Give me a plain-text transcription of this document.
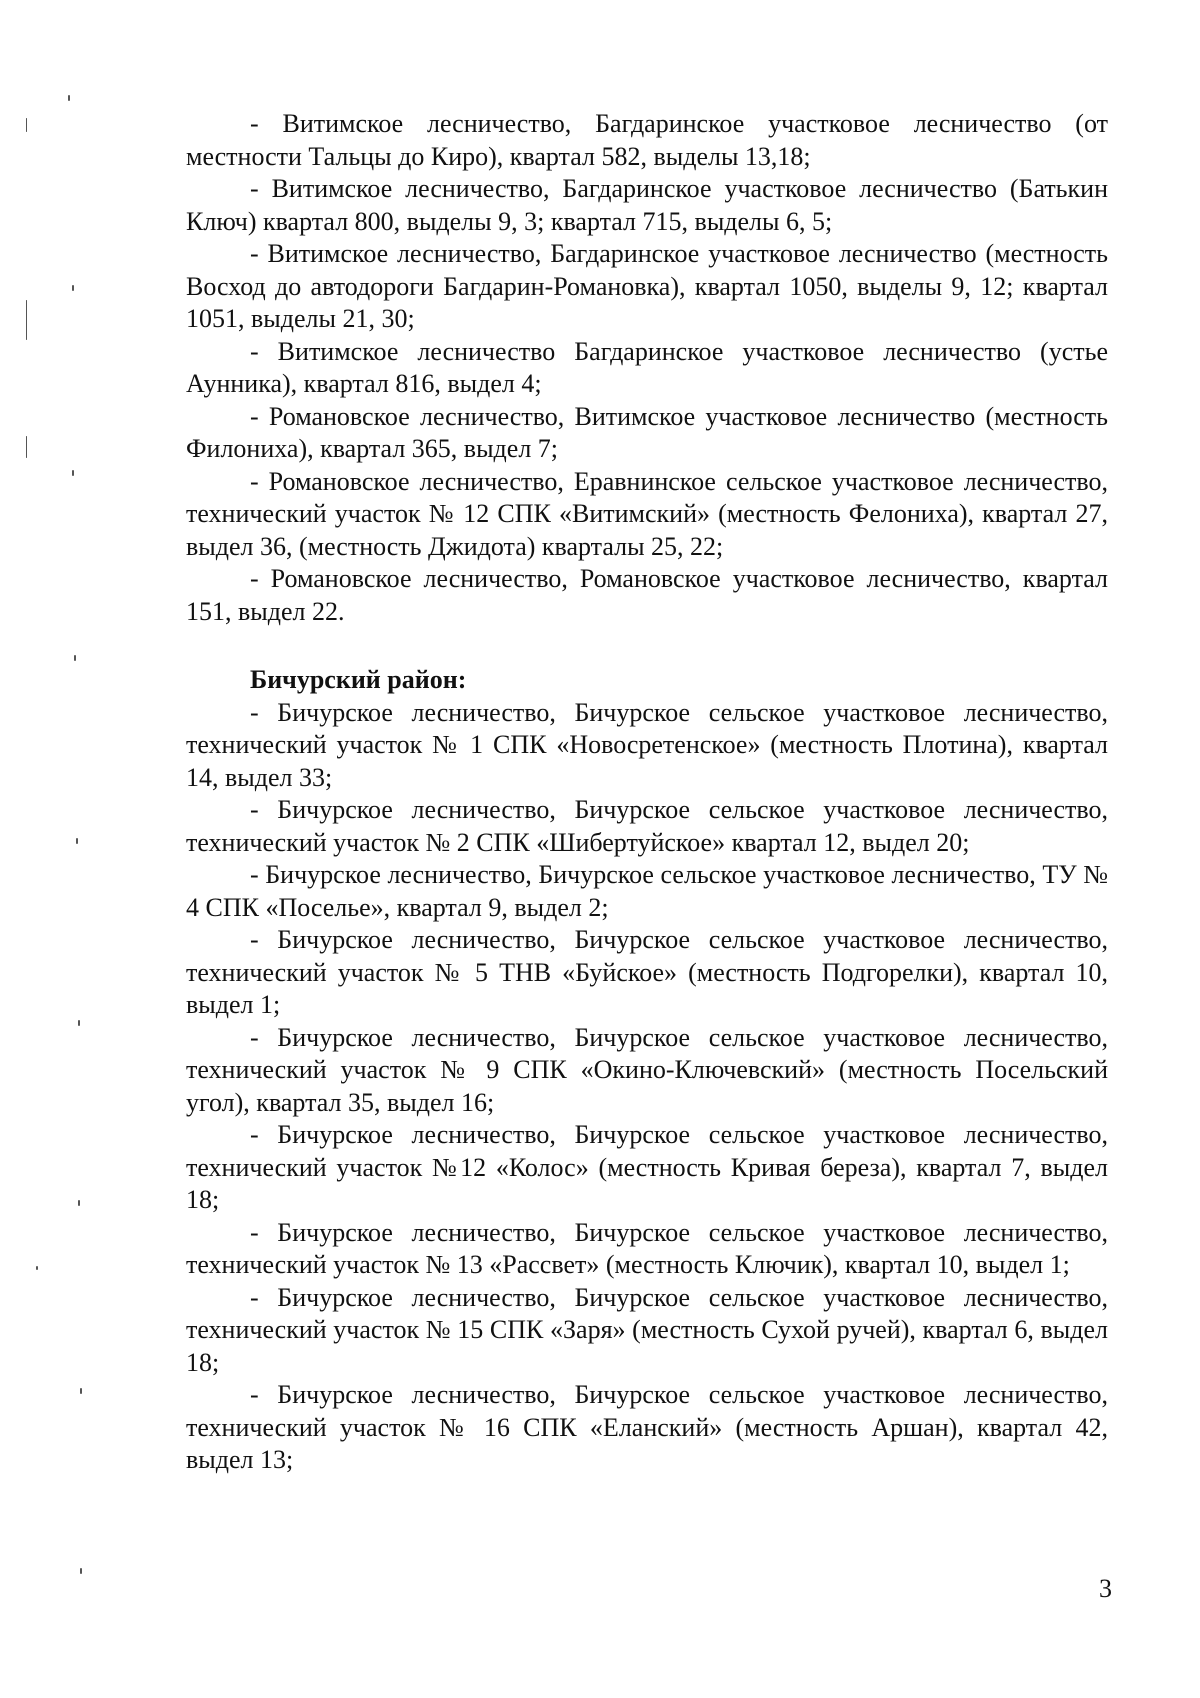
- Витимское лесничество, Багдаринское участковое лесничество (от местности Тальцы до Киро), квартал 582, выделы 13,18;

- Витимское лесничество, Багдаринское участковое лесничество (Батькин Ключ) квартал 800, выделы 9, 3; квартал 715, выделы 6, 5;

- Витимское лесничество, Багдаринское участковое лесничество (местность Восход до автодороги Багдарин-Романовка), квартал 1050, выделы 9, 12; квартал 1051, выделы 21, 30;

- Витимское лесничество Багдаринское участковое лесничество (устье Аунника), квартал 816, выдел 4;

- Романовское лесничество, Витимское участковое лесничество (местность Филониха), квартал 365, выдел 7;

- Романовское лесничество, Еравнинское сельское участковое лесничество, технический участок № 12 СПК «Витимский» (местность Фелониха), квартал 27, выдел 36, (местность Джидота) кварталы 25, 22;

- Романовское лесничество, Романовское участковое лесничество, квартал 151, выдел 22.

Бичурский район:

- Бичурское лесничество, Бичурское сельское участковое лесничество, технический участок № 1 СПК «Новосретенское» (местность Плотина), квартал 14, выдел 33;

- Бичурское лесничество, Бичурское сельское участковое лесничество, технический участок № 2 СПК «Шибертуйское» квартал 12, выдел 20;

- Бичурское лесничество, Бичурское сельское участковое лесничество, ТУ № 4 СПК «Поселье», квартал 9, выдел 2;

- Бичурское лесничество, Бичурское сельское участковое лесничество, технический участок № 5 ТНВ «Буйское» (местность Подгорелки), квартал 10, выдел 1;

- Бичурское лесничество, Бичурское сельское участковое лесничество, технический участок № 9 СПК «Окино-Ключевский» (местность Посельский угол), квартал 35, выдел 16;

- Бичурское лесничество, Бичурское сельское участковое лесничество, технический участок №12 «Колос» (местность Кривая береза), квартал 7, выдел 18;

- Бичурское лесничество, Бичурское сельское участковое лесничество, технический участок № 13 «Рассвет» (местность Ключик), квартал 10, выдел 1;

- Бичурское лесничество, Бичурское сельское участковое лесничество, технический участок № 15 СПК «Заря» (местность Сухой ручей), квартал 6, выдел 18;

- Бичурское лесничество, Бичурское сельское участковое лесничество, технический участок № 16 СПК «Еланский» (местность Аршан), квартал 42, выдел 13;

3
